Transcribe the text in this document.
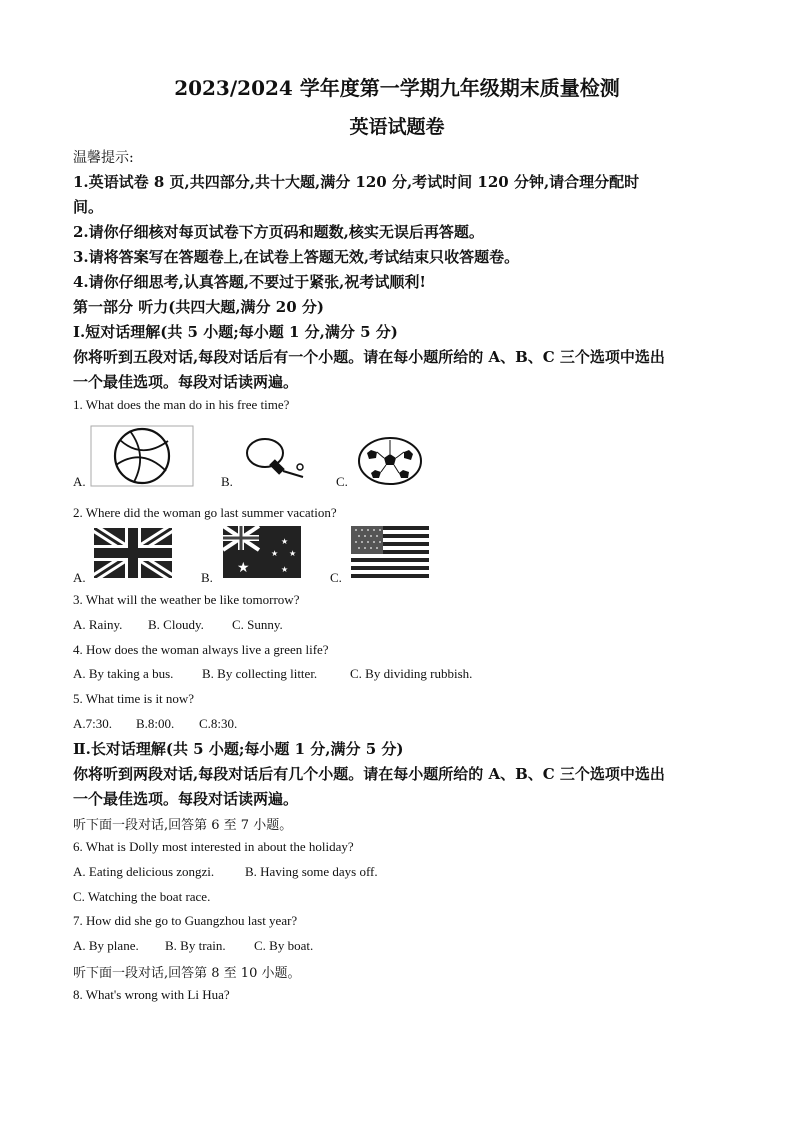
2023/2024 学年度第一学期九年级期末质量检测
英语试题卷
温馨提示:
1.英语试卷 8 页,共四部分,共十大题,满分 120 分,考试时间 120 分钟,请合理分配时
间。
2.请你仔细核对每页试卷下方页码和题数,核实无误后再答题。
3.请将答案写在答题卷上,在试卷上答题无效,考试结束只收答题卷。
4.请你仔细思考,认真答题,不要过于紧张,祝考试顺利!
第一部分 听力(共四大题,满分 20 分)
Ⅰ.短对话理解(共 5 小题;每小题 1 分,满分 5 分)
你将听到五段对话,每段对话后有一个小题。请在每小题所给的 A、B、C 三个选项中选出
一个最佳选项。每段对话读两遍。
1. What does the man do in his free time?
A.	B.	C.
2. Where did the woman go last summer vacation?
A.	B.	C.
★
★
★ ★
★
3. What will the weather be like tomorrow?
A. Rainy. B. Cloudy. C. Sunny.
4. How does the woman always live a green life?
A. By taking a bus. B. By collecting litter.	C. By dividing rubbish.
5. What time is it now?
A.7:30. B.8:00. C.8:30.
Ⅱ.长对话理解(共 5 小题;每小题 1 分,满分 5 分)
你将听到两段对话,每段对话后有几个小题。请在每小题所给的 A、B、C 三个选项中选出
一个最佳选项。每段对话读两遍。
听下面一段对话,回答第 6 至 7 小题。
6. What is Dolly most interested in about the holiday?
A. Eating delicious zongzi. B. Having some days off.
C. Watching the boat race.
7. How did she go to Guangzhou last year?
A. By plane. B. By train. C. By boat.
听下面一段对话,回答第 8 至 10 小题。
8. What's wrong with Li Hua?
